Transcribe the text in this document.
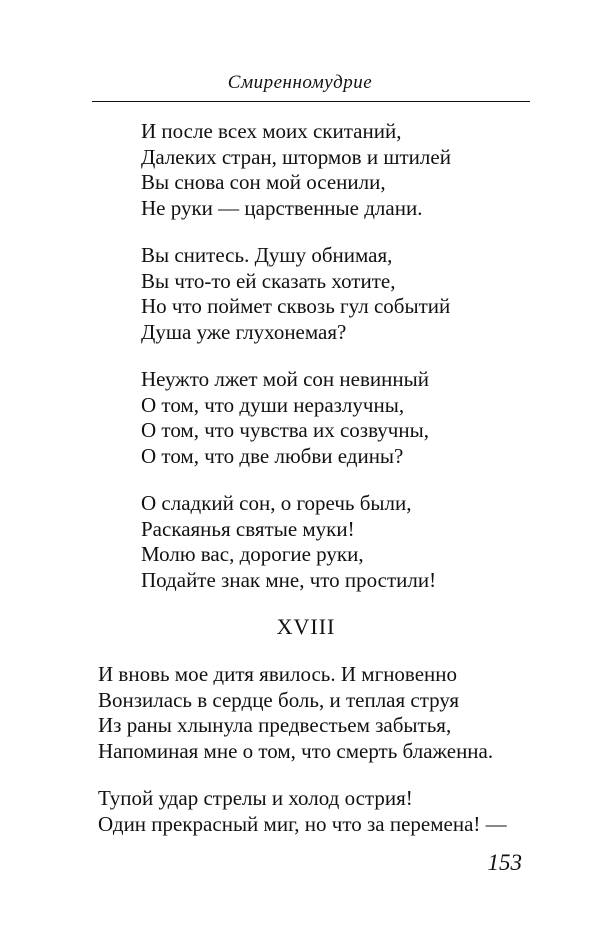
Смиренномудрие
И после всех моих скитаний,
Далеких стран, штормов и штилей
Вы снова сон мой осенили,
Не руки — царственные длани.
Вы снитесь. Душу обнимая,
Вы что-то ей сказать хотите,
Но что поймет сквозь гул событий
Душа уже глухонемая?
Неужто лжет мой сон невинный
О том, что души неразлучны,
О том, что чувства их созвучны,
О том, что две любви едины?
О сладкий сон, о горечь были,
Раскаянья святые муки!
Молю вас, дорогие руки,
Подайте знак мне, что простили!
XVIII
И вновь мое дитя явилось. И мгновенно
Вонзилась в сердце боль, и теплая струя
Из раны хлынула предвестьем забытья,
Напоминая мне о том, что смерть блаженна.
Тупой удар стрелы и холод острия!
Один прекрасный миг, но что за перемена! —
153
